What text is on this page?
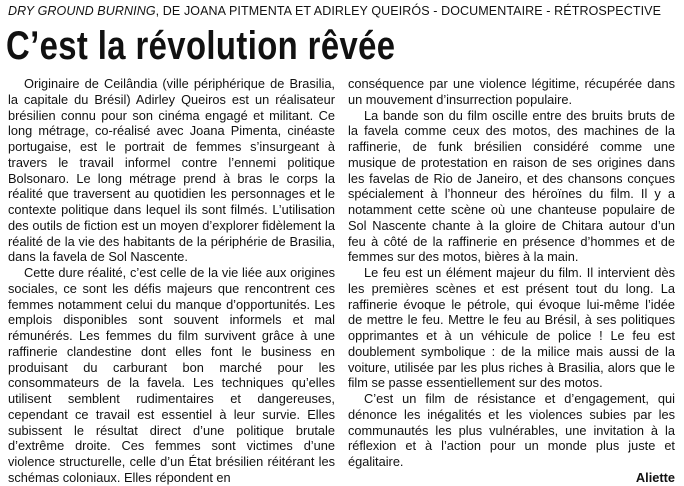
DRY GROUND BURNING, DE JOANA PITMENTA ET ADIRLEY QUEIRÓS - DOCUMENTAIRE - RÉTROSPECTIVE
C’est la révolution rêvée

Originaire de Ceilândia (ville périphérique de Brasilia, la capitale du Brésil) Adirley Queiros est un réalisateur brésilien connu pour son cinéma engagé et militant. Ce long métrage, co-réalisé avec Joana Pimenta, cinéaste portugaise, est le portrait de femmes s’insurgeant à travers le travail informel contre l’ennemi politique Bolsonaro. Le long métrage prend à bras le corps la réalité que traversent au quotidien les personnages et le contexte politique dans lequel ils sont filmés. L’utilisation des outils de fiction est un moyen d’explorer fidèlement la réalité de la vie des habitants de la périphérie de Brasilia, dans la favela de Sol Nascente.

Cette dure réalité, c’est celle de la vie liée aux origines sociales, ce sont les défis majeurs que rencontrent ces femmes notamment celui du manque d’opportunités. Les emplois disponibles sont souvent informels et mal rémunérés. Les femmes du film survivent grâce à une raffinerie clandestine dont elles font le business en produisant du carburant bon marché pour les consommateurs de la favela. Les techniques qu’elles utilisent semblent rudimentaires et dangereuses, cependant ce travail est essentiel à leur survie. Elles subissent le résultat direct d’une politique brutale d’extrême droite. Ces femmes sont victimes d’une violence structurelle, celle d’un État brésilien réitérant les schémas coloniaux. Elles répondent en

conséquence par une violence légitime, récupérée dans un mouvement d’insurrection populaire.

La bande son du film oscille entre des bruits bruts de la favela comme ceux des motos, des machines de la raffinerie, de funk brésilien considéré comme une musique de protestation en raison de ses origines dans les favelas de Rio de Janeiro, et des chansons conçues spécialement à l’honneur des héroïnes du film. Il y a notamment cette scène où une chanteuse populaire de Sol Nascente chante à la gloire de Chitara autour d’un feu à côté de la raffinerie en présence d’hommes et de femmes sur des motos, bières à la main.

Le feu est un élément majeur du film. Il intervient dès les premières scènes et est présent tout du long. La raffinerie évoque le pétrole, qui évoque lui-même l’idée de mettre le feu. Mettre le feu au Brésil, à ses politiques opprimantes et à un véhicule de police ! Le feu est doublement symbolique : de la milice mais aussi de la voiture, utilisée par les plus riches à Brasilia, alors que le film se passe essentiellement sur des motos.

C’est un film de résistance et d’engagement, qui dénonce les inégalités et les violences subies par les communautés les plus vulnérables, une invitation à la réflexion et à l’action pour un monde plus juste et égalitaire.

Aliette
